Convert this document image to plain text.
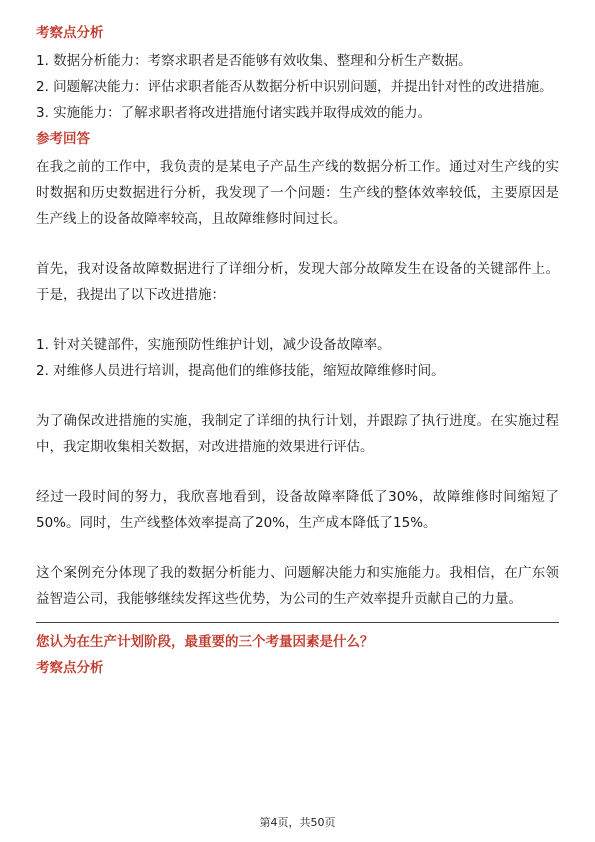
考察点分析

1. 数据分析能力：考察求职者是否能够有效收集、整理和分析生产数据。

2. 问题解决能力：评估求职者能否从数据分析中识别问题，并提出针对性的改进措施。

3. 实施能力：了解求职者将改进措施付诸实践并取得成效的能力。

参考回答

在我之前的工作中，我负责的是某电子产品生产线的数据分析工作。通过对生产线的实时数据和历史数据进行分析，我发现了一个问题：生产线的整体效率较低，主要原因是生产线上的设备故障率较高，且故障维修时间过长。

首先，我对设备故障数据进行了详细分析，发现大部分故障发生在设备的关键部件上。于是，我提出了以下改进措施：

1. 针对关键部件，实施预防性维护计划，减少设备故障率。

2. 对维修人员进行培训，提高他们的维修技能，缩短故障维修时间。

为了确保改进措施的实施，我制定了详细的执行计划，并跟踪了执行进度。在实施过程中，我定期收集相关数据，对改进措施的效果进行评估。

经过一段时间的努力，我欣喜地看到，设备故障率降低了30%，故障维修时间缩短了50%。同时，生产线整体效率提高了20%，生产成本降低了15%。

这个案例充分体现了我的数据分析能力、问题解决能力和实施能力。我相信，在广东领益智造公司，我能够继续发挥这些优势，为公司的生产效率提升贡献自己的力量。

您认为在生产计划阶段，最重要的三个考量因素是什么？

考察点分析
第4页，共50页
